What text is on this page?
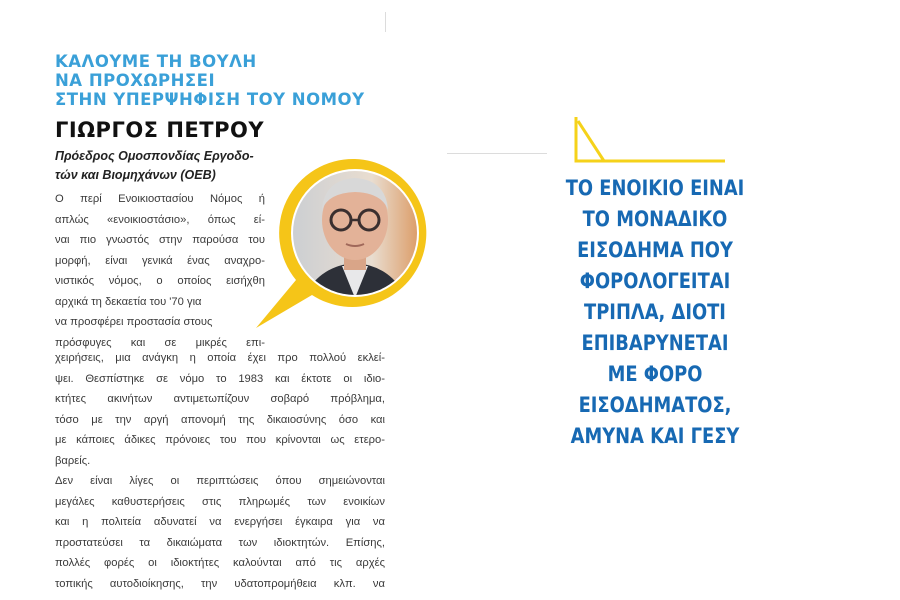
ΚΑΛΟΥΜΕ ΤΗ ΒΟΥΛΗ
ΝΑ ΠΡΟΧΩΡΗΣΕΙ
ΣΤΗΝ ΥΠΕΡΨΗΦΙΣΗ ΤΟΥ ΝΟΜΟΥ
ΓΙΩΡΓΟΣ ΠΕΤΡΟΥ
Πρόεδρος Ομοσπονδίας Εργοδο-
τών και Βιομηχάνων (ΟΕΒ)
Ο περί Ενοικιοστασίου Νόμος ή
απλώς «ενοικιοστάσιο», όπως εί-
ναι πιο γνωστός στην παρούσα του
μορφή, είναι γενικά ένας αναχρο-
νιστικός νόμος, ο οποίος εισήχθη
αρχικά τη δεκαετία του '70 για
να προσφέρει προστασία στους
πρόσφυγες και σε μικρές επι-
χειρήσεις, μια ανάγκη η οποία έχει προ πολλού εκλεί-
ψει. Θεσπίστηκε σε νόμο το 1983 και έκτοτε οι ιδιο-
κτήτες ακινήτων αντιμετωπίζουν σοβαρό πρόβλημα,
τόσο με την αργή απονομή της δικαιοσύνης όσο και
με κάποιες άδικες πρόνοιες του που κρίνονται ως ετερο-
βαρείς.
Δεν είναι λίγες οι περιπτώσεις όπου σημειώνονται
μεγάλες καθυστερήσεις στις πληρωμές των ενοικίων
και η πολιτεία αδυνατεί να ενεργήσει έγκαιρα για να
προστατεύσει τα δικαιώματα των ιδιοκτητών. Επίσης,
πολλές φορές οι ιδιοκτήτες καλούνται από τις αρχές
τοπικής αυτοδιοίκησης, την υδατοπρομήθεια κλπ. να
ΤΟ ΕΝΟΙΚΙΟ ΕΙΝΑΙ
ΤΟ ΜΟΝΑΔΙΚΟ
ΕΙΣΟΔΗΜΑ ΠΟΥ
ΦΟΡΟΛΟΓΕΙΤΑΙ
ΤΡΙΠΛΑ, ΔΙΟΤΙ
ΕΠΙΒΑΡΥΝΕΤΑΙ
ΜΕ ΦΟΡΟ
ΕΙΣΟΔΗΜΑΤΟΣ,
ΑΜΥΝΑ ΚΑΙ ΓΕΣΥ
